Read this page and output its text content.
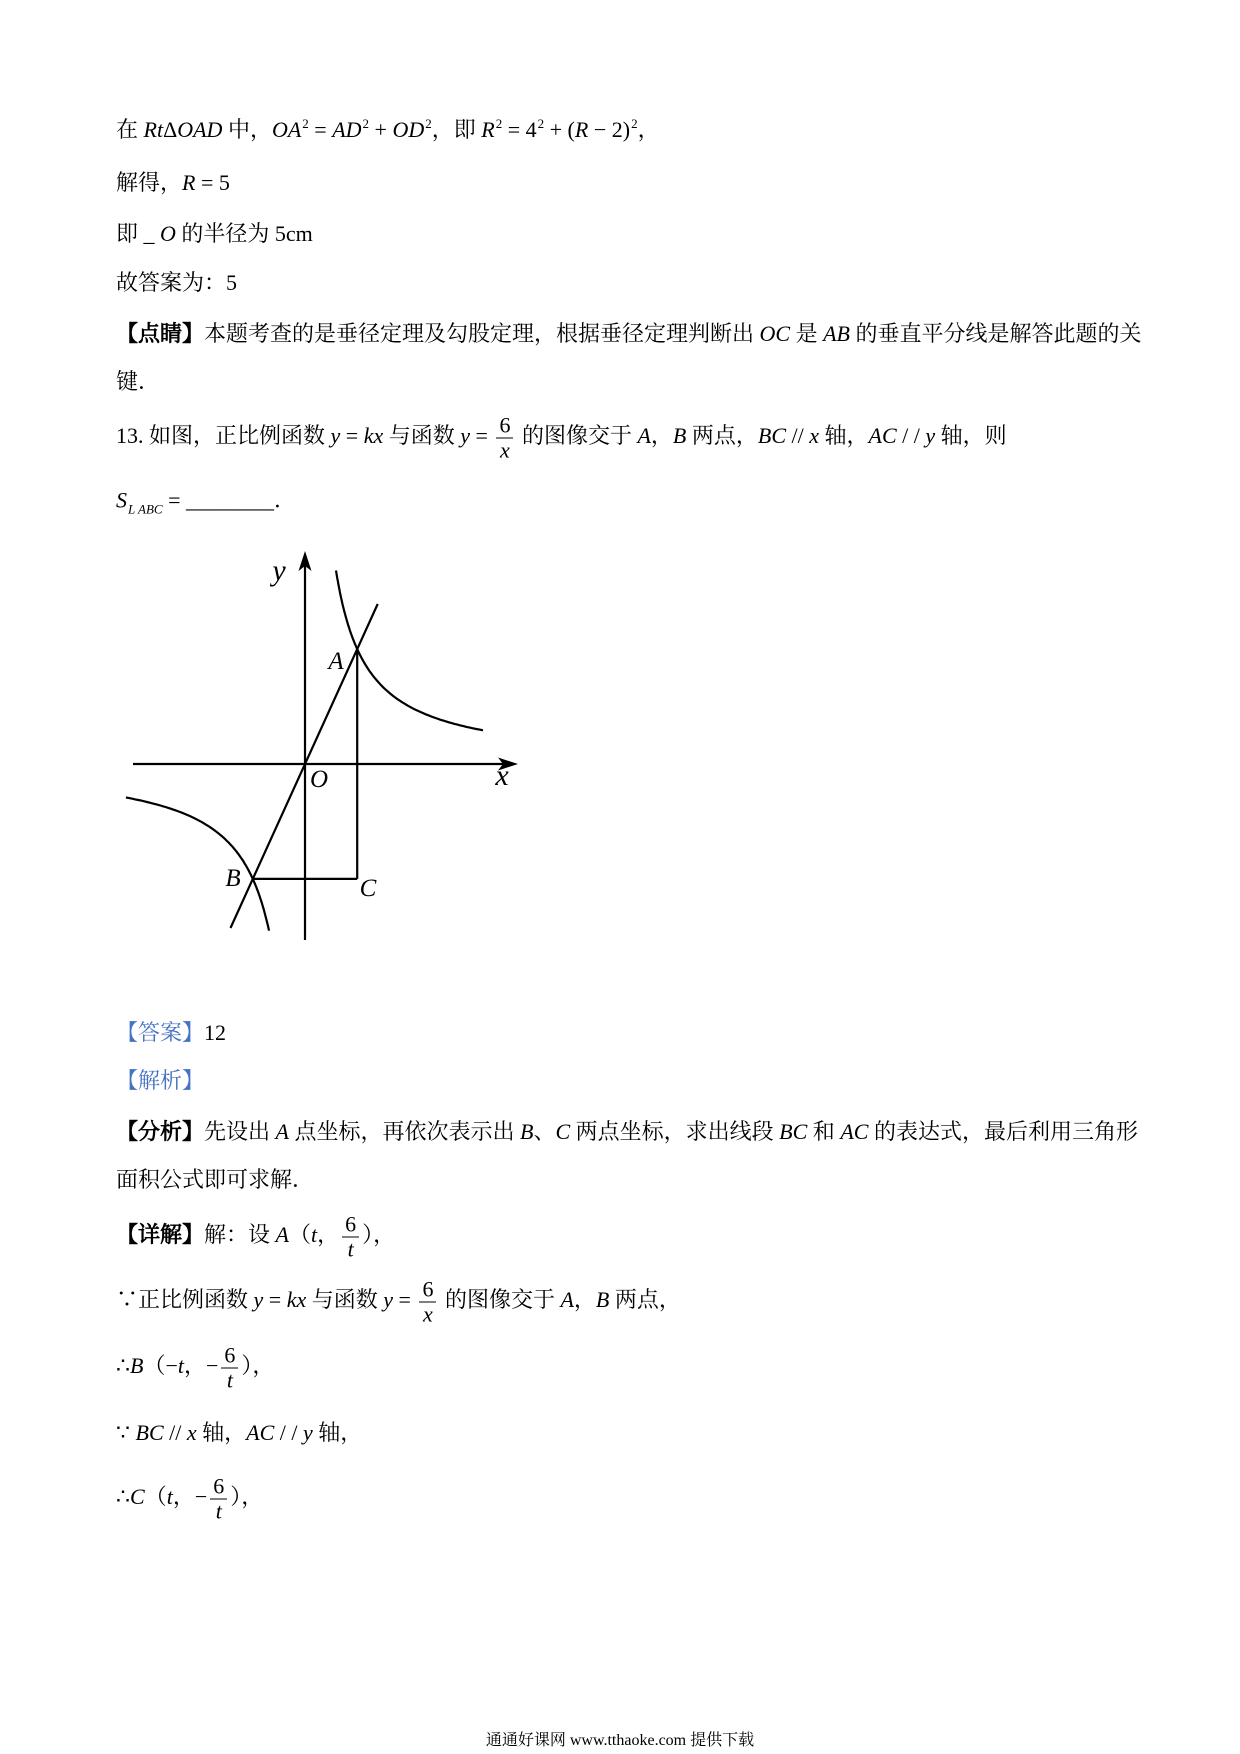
在 RtΔOAD 中，$OA^2 = AD^2 + OD^2$，即 $R^2 = 4^2 + (R - 2)^2$，
解得，R = 5
即 _ O 的半径为 5cm
故答案为：5
【点睛】本题考查的是垂径定理及勾股定理，根据垂径定理判断出 OC 是 AB 的垂直平分线是解答此题的关
键．
13. 如图，正比例函数 y = kx 与函数 $y = \frac{6}{x}$ 的图像交于 A，B 两点，BC // x 轴，AC / / y 轴，则
$S_{L ABC}$ = ________．
y
x
O
A
B	C
【答案】12
【解析】
【分析】先设出 A 点坐标，再依次表示出 B、C 两点坐标，求出线段 BC 和 AC 的表达式，最后利用三角形
面积公式即可求解．
【详解】解：设 A（t， $\frac{6}{t}$ ），
∵正比例函数 y = kx 与函数 $y = \frac{6}{x}$ 的图像交于 A，B 两点，
∴B（−t，− $\frac{6}{t}$ ），
∵ BC // x 轴，AC / / y 轴，
∴C（t，− $\frac{6}{t}$ ），
通通好课网 www.tthaoke.com 提供下载
